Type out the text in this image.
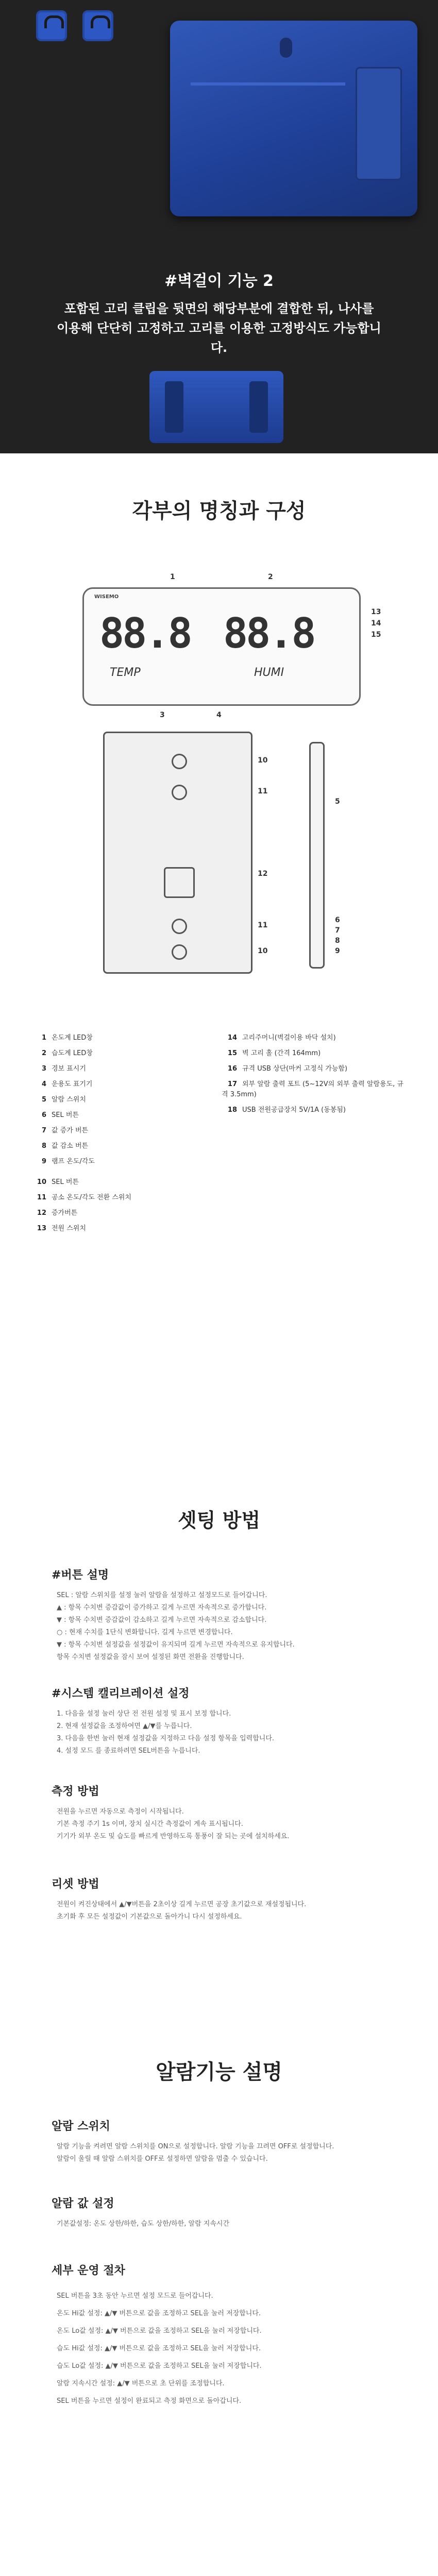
#벽걸이 기능 2
포함된 고리 클립을 뒷면의 해당부분에 결합한 뒤, 나사를 이용해 단단히 고정하고 고리를 이용한 고정방식도 가능합니다.
각부의 명칭과 구성
WISEMO
88.8 88.8
TEMP	HUMI
1	2
3	4
13
14
15
10
11
12
11
10
5
6
7
8
9
1 온도계 LED창
2 습도계 LED창
3 경보 표시기
4 운용도 표기기
5 알람 스위치
6 SEL 버튼
7 값 증가 버튼
8 값 감소 버튼
9 램프 온도/각도
10 SEL 버튼
11 공소 온도/각도 전환 스위치
12 증가버튼
13 전원 스위치
14 고리주머니(벽걸이용 바닥 설치)
15 벽 고리 홀 (간격 164mm)
16 규격 USB 상단(마커 고정식 가능함)
17 외부 알람 출력 포트 (5~12V의 외부 출력 알람용도, 규격 3.5mm)
18 USB 전원공급장치 5V/1A (동봉됨)
셋팅 방법
#버튼 설명
SEL : 알람 스위치를 설정 눌러 알람을 설정하고 설정모드로 들어갑니다.
▲ : 항목 수치변 증감값이 증가하고 길게 누르면 자속적으로 증가합니다.
▼ : 항목 수치변 증감값이 감소하고 길게 누르면 자속적으로 감소합니다.
○ : 현재 수치를 1단식 변화합니다. 길게 누르면 변경합니다.
▼ : 항목 수치변 설정값을 설정값이 유지되며 길게 누르면 자속적으로 유지합니다.
항목 수치변 설정값을 잠시 보여 설정된 화면 전환을 진행합니다.
#시스템 캘리브레이션 설정
1. 다음을 설정 눌러 상단 전 전원 설정 및 표시 보정 합니다.
2. 현재 설정값을 조정하여면 ▲/▼를 누릅니다.
3. 다음을 한번 눌러 현재 설정값을 지정하고 다음 설정 항목을 입력합니다.
4. 설정 모드 를 종료하려면 SEL버튼을 누릅니다.
측정 방법
전원을 누르면 자동으로 측정이 시작됩니다.
기본 측정 주기 1s 이며, 장치 실시간 측정값이 계속 표시됩니다.
기기가 외부 온도 및 습도를 빠르게 반영하도록 통풍이 잘 되는 곳에 설치하세요.
리셋 방법
전원이 켜진상태에서 ▲/▼버튼을 2초이상 길게 누르면 공장 초기값으로 재설정됩니다.
초기화 후 모든 설정값이 기본값으로 돌아가니 다시 설정하세요.
알람기능 설명
알람 스위치
알람 기능을 켜려면 알람 스위치를 ON으로 설정합니다. 알람 기능을 끄려면 OFF로 설정합니다.
알람이 울릴 때 알람 스위치를 OFF로 설정하면 알람을 멈출 수 있습니다.
알람 값 설정
기본값설정: 온도 상한/하한, 습도 상한/하한, 알람 지속시간
세부 운영 절차
SEL 버튼을 3초 동안 누르면 설정 모드로 들어갑니다.
온도 Hi값 설정: ▲/▼ 버튼으로 값을 조정하고 SEL을 눌러 저장합니다.
온도 Lo값 설정: ▲/▼ 버튼으로 값을 조정하고 SEL을 눌러 저장합니다.
습도 Hi값 설정: ▲/▼ 버튼으로 값을 조정하고 SEL을 눌러 저장합니다.
습도 Lo값 설정: ▲/▼ 버튼으로 값을 조정하고 SEL을 눌러 저장합니다.
알람 지속시간 설정: ▲/▼ 버튼으로 초 단위를 조정합니다.
SEL 버튼을 누르면 설정이 완료되고 측정 화면으로 돌아갑니다.
